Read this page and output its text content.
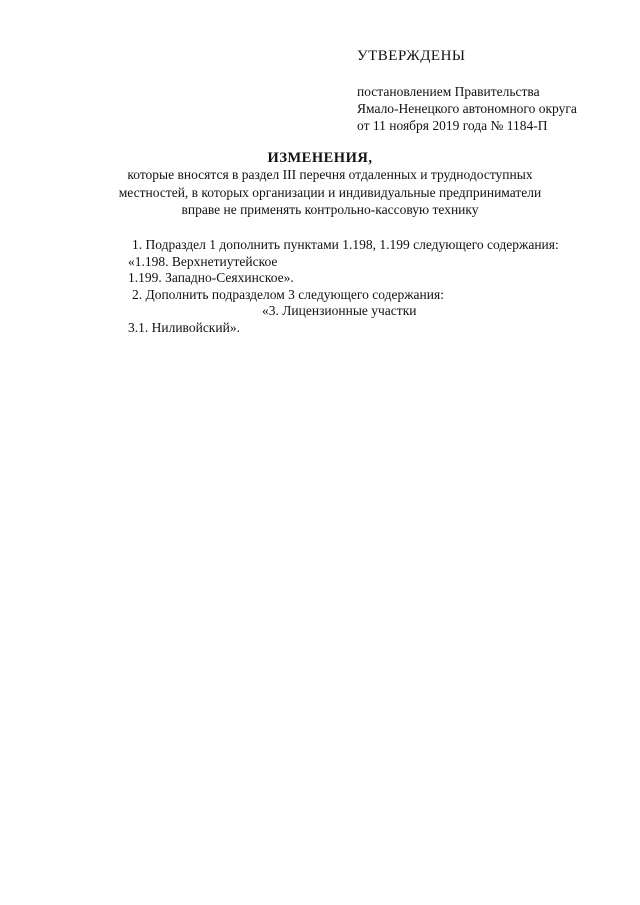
УТВЕРЖДЕНЫ
постановлением Правительства
Ямало-Ненецкого автономного округа
от 11 ноября 2019 года № 1184-П
ИЗМЕНЕНИЯ,
которые вносятся в раздел III перечня отдаленных и труднодоступных
местностей, в которых организации и индивидуальные предприниматели
вправе не применять контрольно-кассовую технику
1. Подраздел 1 дополнить пунктами 1.198, 1.199 следующего содержания:
«1.198. Верхнетиутейское
1.199. Западно-Сеяхинское».
2. Дополнить подразделом 3 следующего содержания:
«3. Лицензионные участки
3.1. Ниливойский».
